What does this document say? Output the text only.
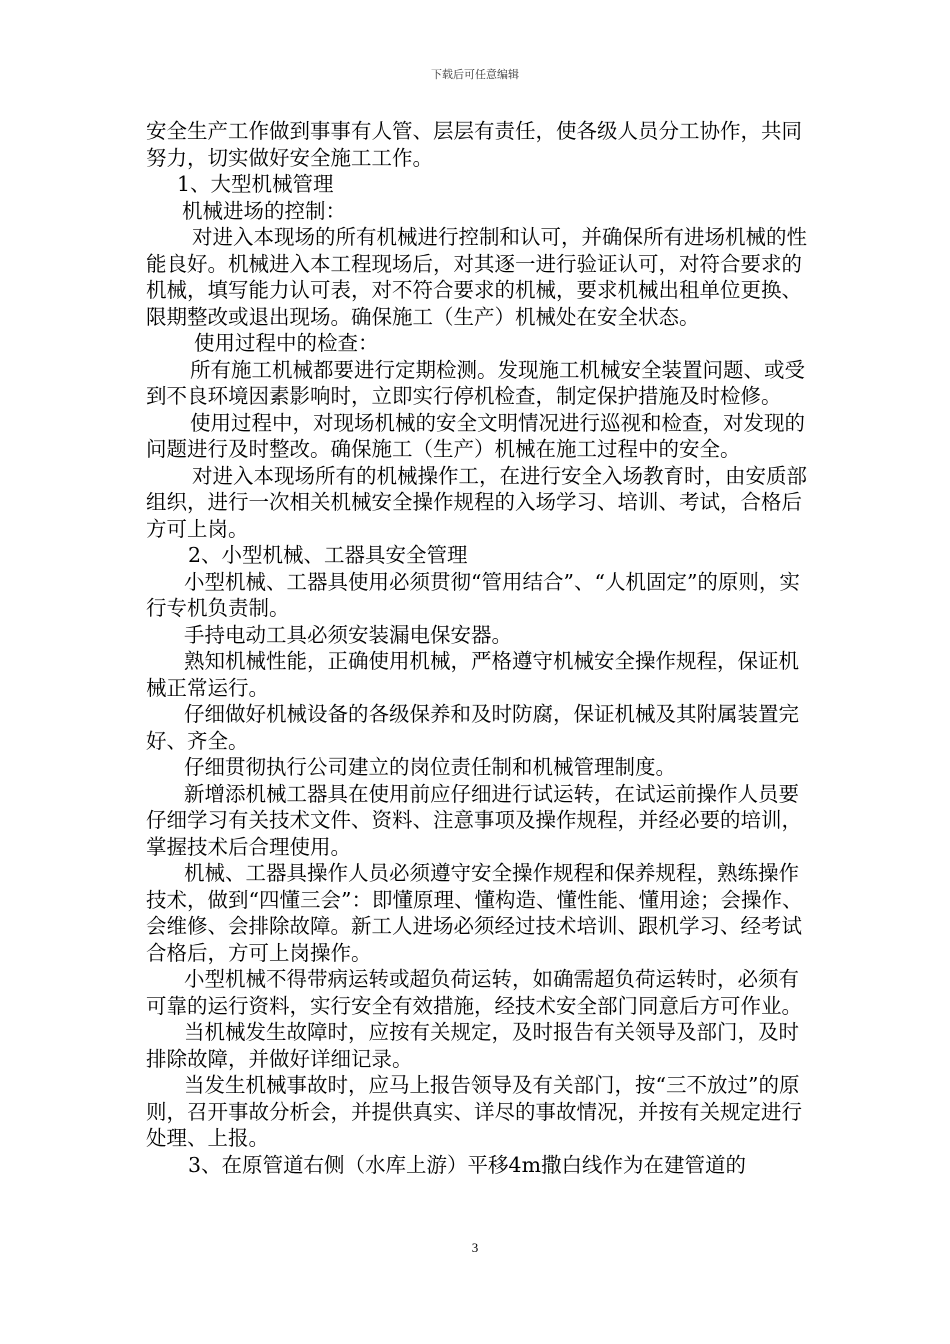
下载后可任意编辑

安全生产工作做到事事有人管、层层有责任，使各级人员分工协作，共同努力，切实做好安全施工工作。

1、大型机械管理

机械进场的控制：

对进入本现场的所有机械进行控制和认可，并确保所有进场机械的性能良好。机械进入本工程现场后，对其逐一进行验证认可，对符合要求的机械，填写能力认可表，对不符合要求的机械，要求机械出租单位更换、限期整改或退出现场。确保施工（生产）机械处在安全状态。

使用过程中的检查：

所有施工机械都要进行定期检测。发现施工机械安全装置问题、或受到不良环境因素影响时，立即实行停机检查，制定保护措施及时检修。

使用过程中，对现场机械的安全文明情况进行巡视和检查，对发现的问题进行及时整改。确保施工（生产）机械在施工过程中的安全。

对进入本现场所有的机械操作工，在进行安全入场教育时，由安质部组织，进行一次相关机械安全操作规程的入场学习、培训、考试，合格后方可上岗。

2、小型机械、工器具安全管理

小型机械、工器具使用必须贯彻“管用结合”、“人机固定”的原则，实行专机负责制。

手持电动工具必须安装漏电保安器。

熟知机械性能，正确使用机械，严格遵守机械安全操作规程，保证机械正常运行。

仔细做好机械设备的各级保养和及时防腐，保证机械及其附属装置完好、齐全。

仔细贯彻执行公司建立的岗位责任制和机械管理制度。

新增添机械工器具在使用前应仔细进行试运转，在试运前操作人员要仔细学习有关技术文件、资料、注意事项及操作规程，并经必要的培训，掌握技术后合理使用。

机械、工器具操作人员必须遵守安全操作规程和保养规程，熟练操作技术，做到“四懂三会”：即懂原理、懂构造、懂性能、懂用途；会操作、会维修、会排除故障。新工人进场必须经过技术培训、跟机学习、经考试合格后，方可上岗操作。

小型机械不得带病运转或超负荷运转，如确需超负荷运转时，必须有可靠的运行资料，实行安全有效措施，经技术安全部门同意后方可作业。

当机械发生故障时，应按有关规定，及时报告有关领导及部门，及时排除故障，并做好详细记录。

当发生机械事故时，应马上报告领导及有关部门，按“三不放过”的原则，召开事故分析会，并提供真实、详尽的事故情况，并按有关规定进行处理、上报。

3、在原管道右侧（水库上游）平移4m撒白线作为在建管道的

3
